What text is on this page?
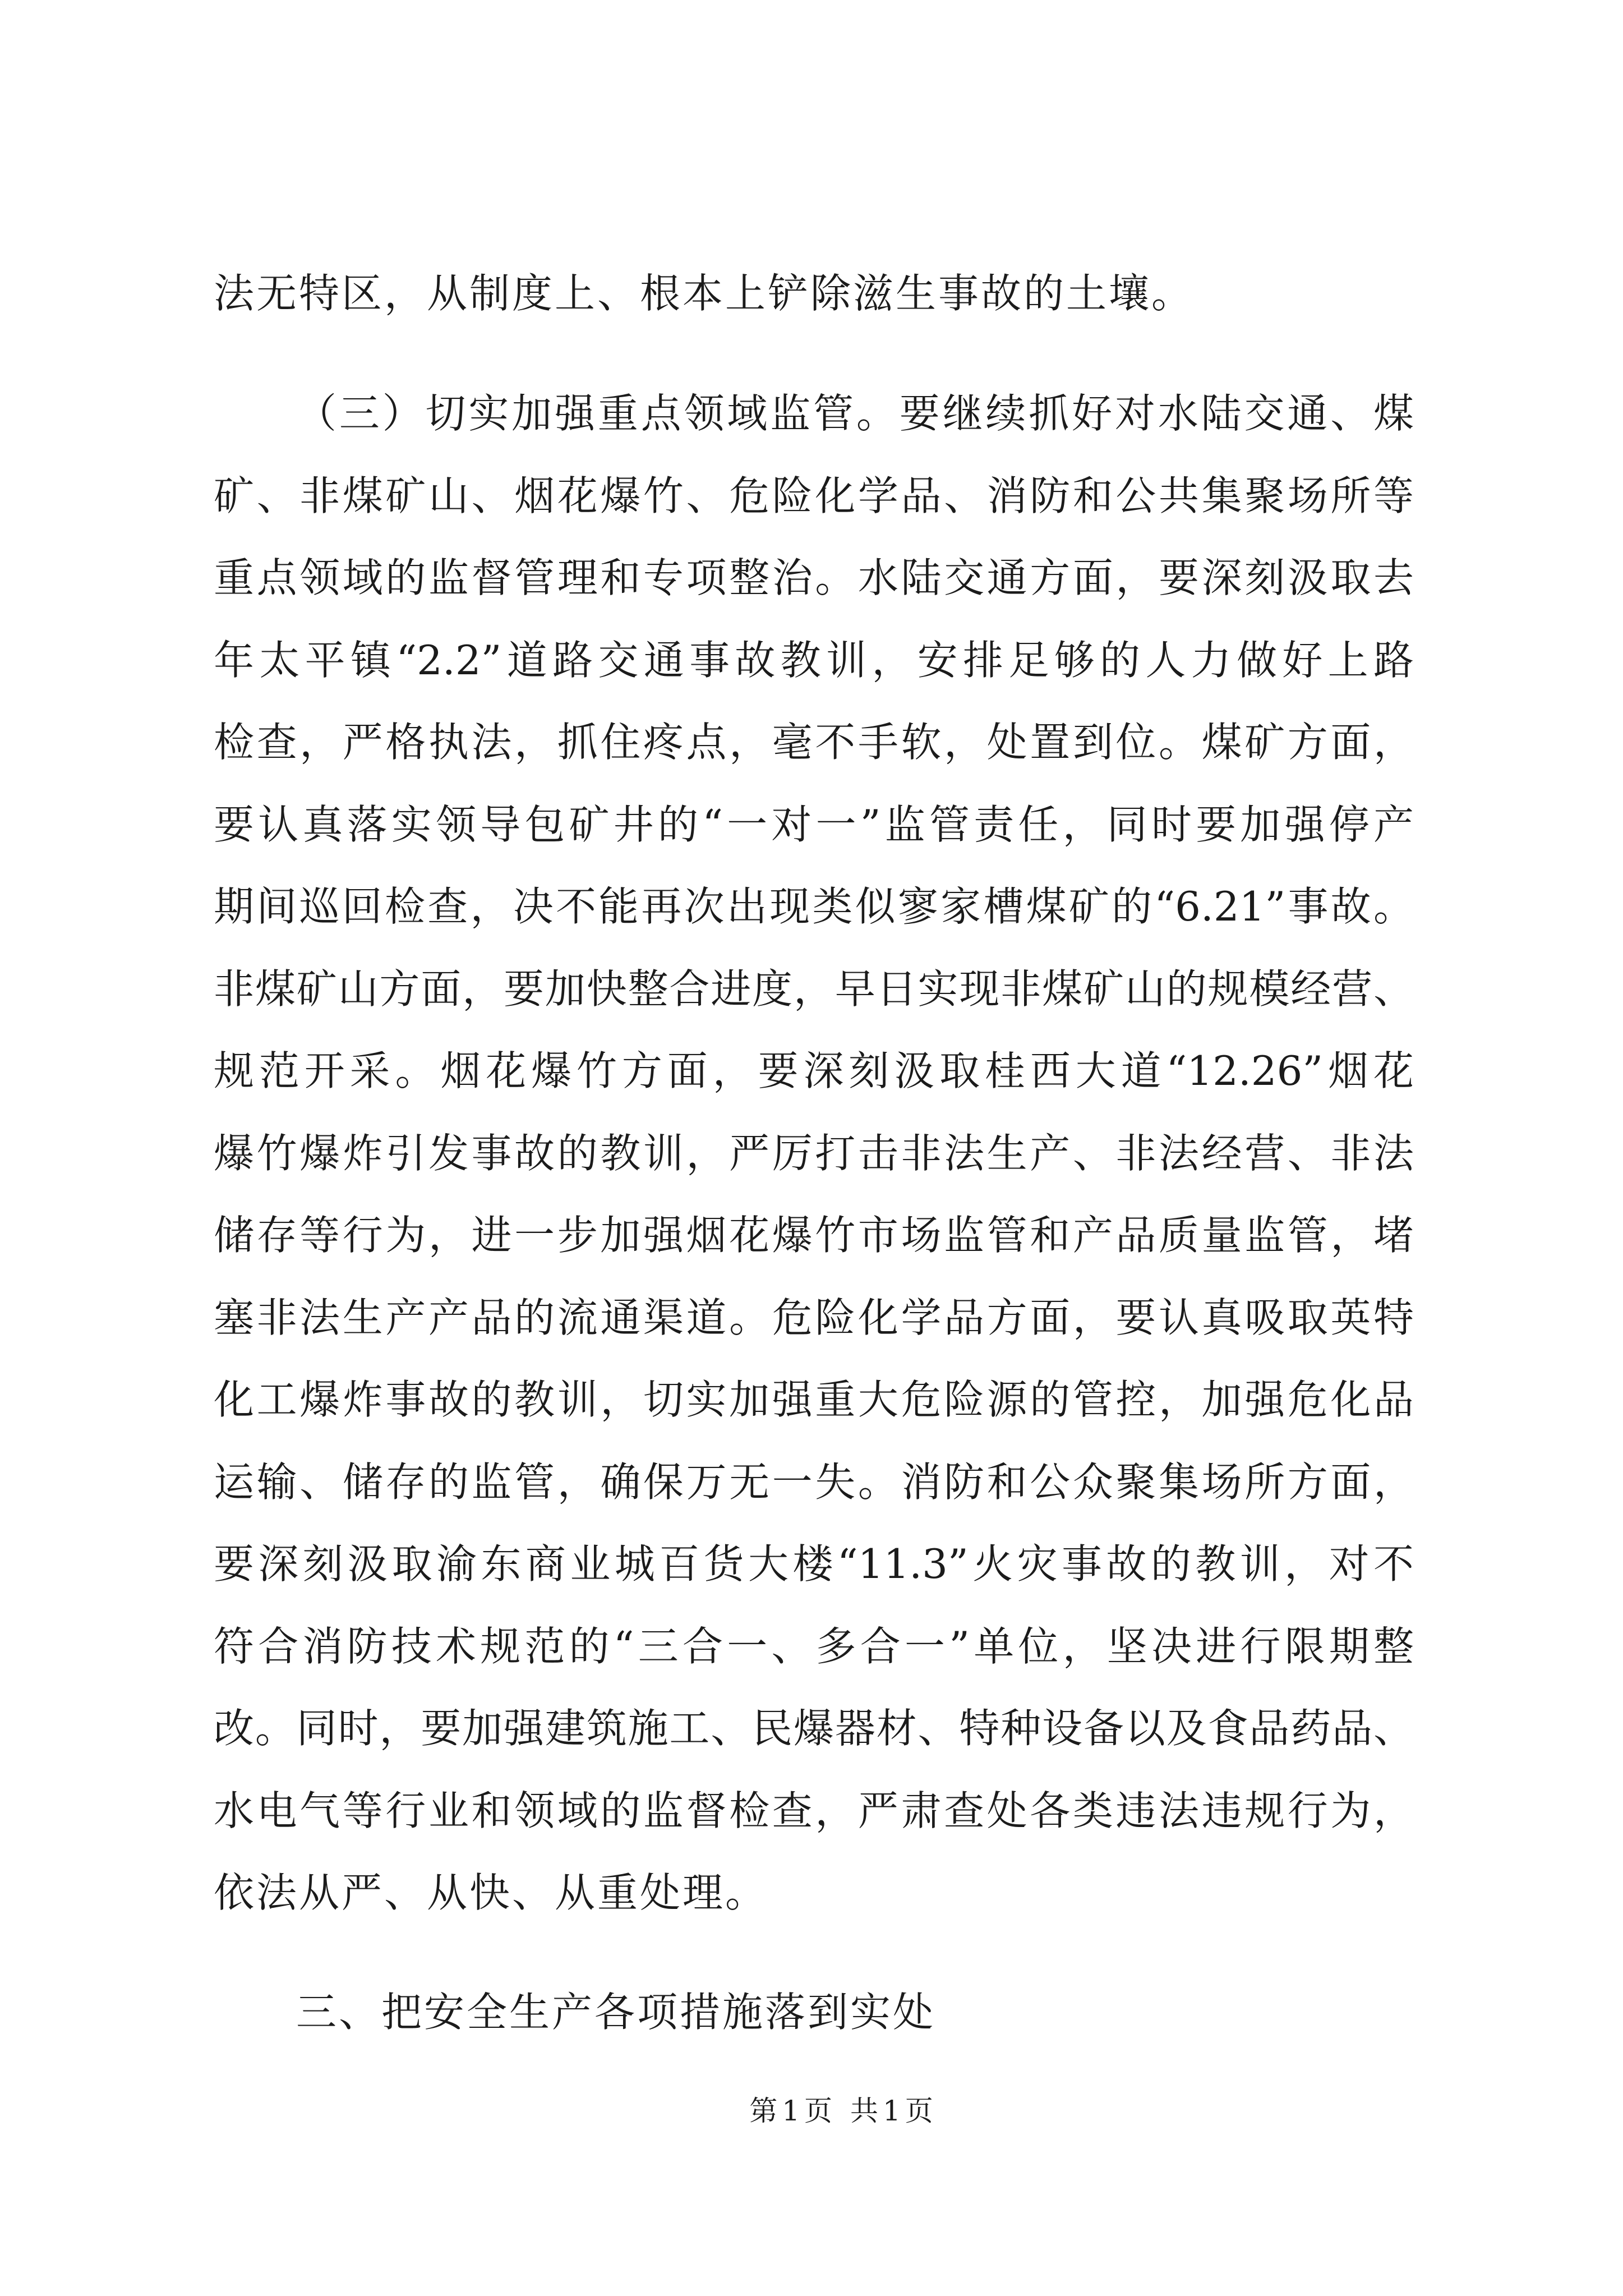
法无特区，从制度上、根本上铲除滋生事故的土壤。
（三）切实加强重点领域监管。要继续抓好对水陆交通、煤
矿、非煤矿山、烟花爆竹、危险化学品、消防和公共集聚场所等
重点领域的监督管理和专项整治。水陆交通方面，要深刻汲取去
年太平镇“2.2”道路交通事故教训，安排足够的人力做好上路
检查，严格执法，抓住疼点，毫不手软，处置到位。煤矿方面，
要认真落实领导包矿井的“一对一”监管责任，同时要加强停产
期间巡回检查，决不能再次出现类似寥家槽煤矿的“6.21”事故。
非煤矿山方面，要加快整合进度，早日实现非煤矿山的规模经营、
规范开采。烟花爆竹方面，要深刻汲取桂西大道“12.26”烟花
爆竹爆炸引发事故的教训，严厉打击非法生产、非法经营、非法
储存等行为，进一步加强烟花爆竹市场监管和产品质量监管，堵
塞非法生产产品的流通渠道。危险化学品方面，要认真吸取英特
化工爆炸事故的教训，切实加强重大危险源的管控，加强危化品
运输、储存的监管，确保万无一失。消防和公众聚集场所方面，
要深刻汲取渝东商业城百货大楼“11.3”火灾事故的教训，对不
符合消防技术规范的“三合一、多合一”单位，坚决进行限期整
改。同时，要加强建筑施工、民爆器材、特种设备以及食品药品、
水电气等行业和领域的监督检查，严肃查处各类违法违规行为，
依法从严、从快、从重处理。
三、把安全生产各项措施落到实处
第1页 共1页
